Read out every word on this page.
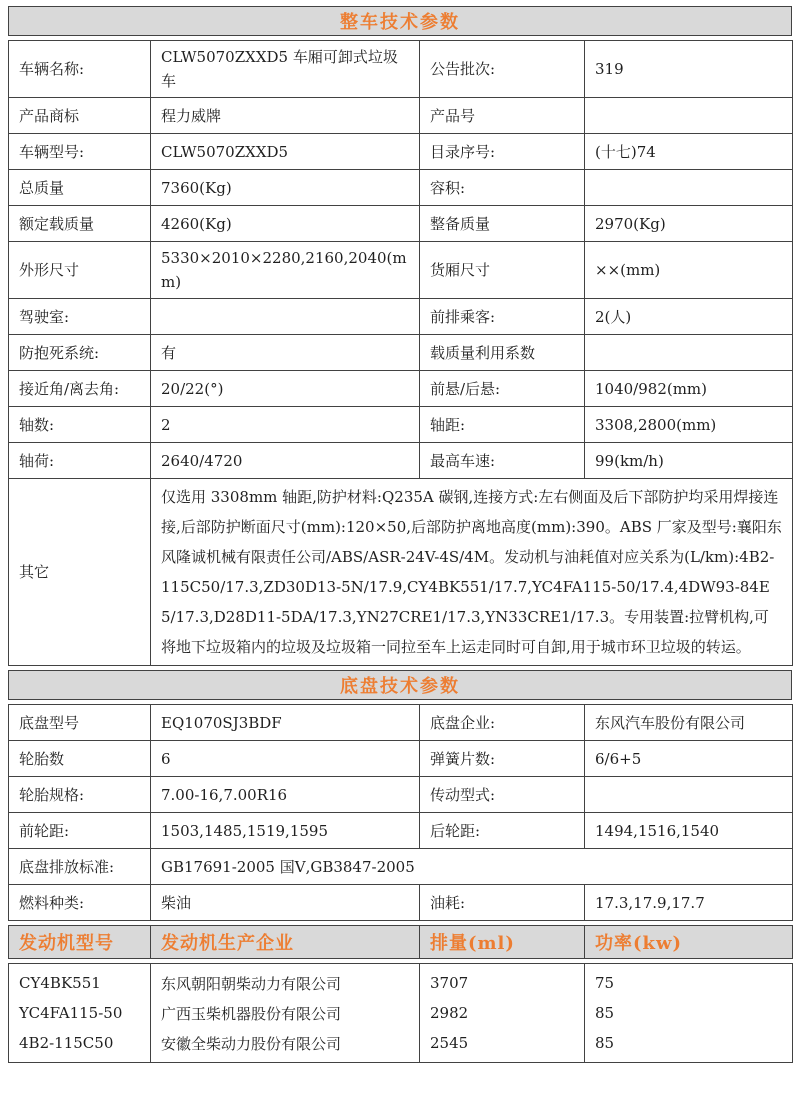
整车技术参数
车辆名称:	CLW5070ZXXD5 车厢可卸式垃圾车	公告批次:	319
产品商标	程力威牌	产品号	
车辆型号:	CLW5070ZXXD5	目录序号:	(十七)74
总质量	7360(Kg)	容积:	
额定载质量	4260(Kg)	整备质量	2970(Kg)
外形尺寸	5330×2010×2280,2160,2040(mm)	货厢尺寸	××(mm)
驾驶室:		前排乘客:	2(人)
防抱死系统:	有	载质量利用系数	
接近角/离去角:	20/22(°)	前悬/后悬:	1040/982(mm)
轴数:	2	轴距:	3308,2800(mm)
轴荷:	2640/4720	最高车速:	99(km/h)
其它	仅选用 3308mm 轴距,防护材料:Q235A 碳钢,连接方式:左右侧面及后下部防护均采用焊接连接,后部防护断面尺寸(mm):120×50,后部防护离地高度(mm):390。ABS 厂家及型号:襄阳东风隆诚机械有限责任公司/ABS/ASR-24V-4S/4M。发动机与油耗值对应关系为(L/km):4B2-115C50/17.3,ZD30D13-5N/17.9,CY4BK551/17.7,YC4FA115-50/17.4,4DW93-84E5/17.3,D28D11-5DA/17.3,YN27CRE1/17.3,YN33CRE1/17.3。专用装置:拉臂机构,可将地下垃圾箱内的垃圾及垃圾箱一同拉至车上运走同时可自卸,用于城市环卫垃圾的转运。		
底盘技术参数
底盘型号	EQ1070SJ3BDF	底盘企业:	东风汽车股份有限公司
轮胎数	6	弹簧片数:	6/6+5
轮胎规格:	7.00-16,7.00R16	传动型式:	
前轮距:	1503,1485,1519,1595	后轮距:	1494,1516,1540
底盘排放标准:	GB17691-2005 国Ⅴ,GB3847-2005		
燃料种类:	柴油	油耗:	17.3,17.9,17.7
发动机型号	发动机生产企业	排量(ml)	功率(kw)
CY4BK551	东风朝阳朝柴动力有限公司	3707	75
YC4FA115-50	广西玉柴机器股份有限公司	2982	85
4B2-115C50	安徽全柴动力股份有限公司	2545	85
